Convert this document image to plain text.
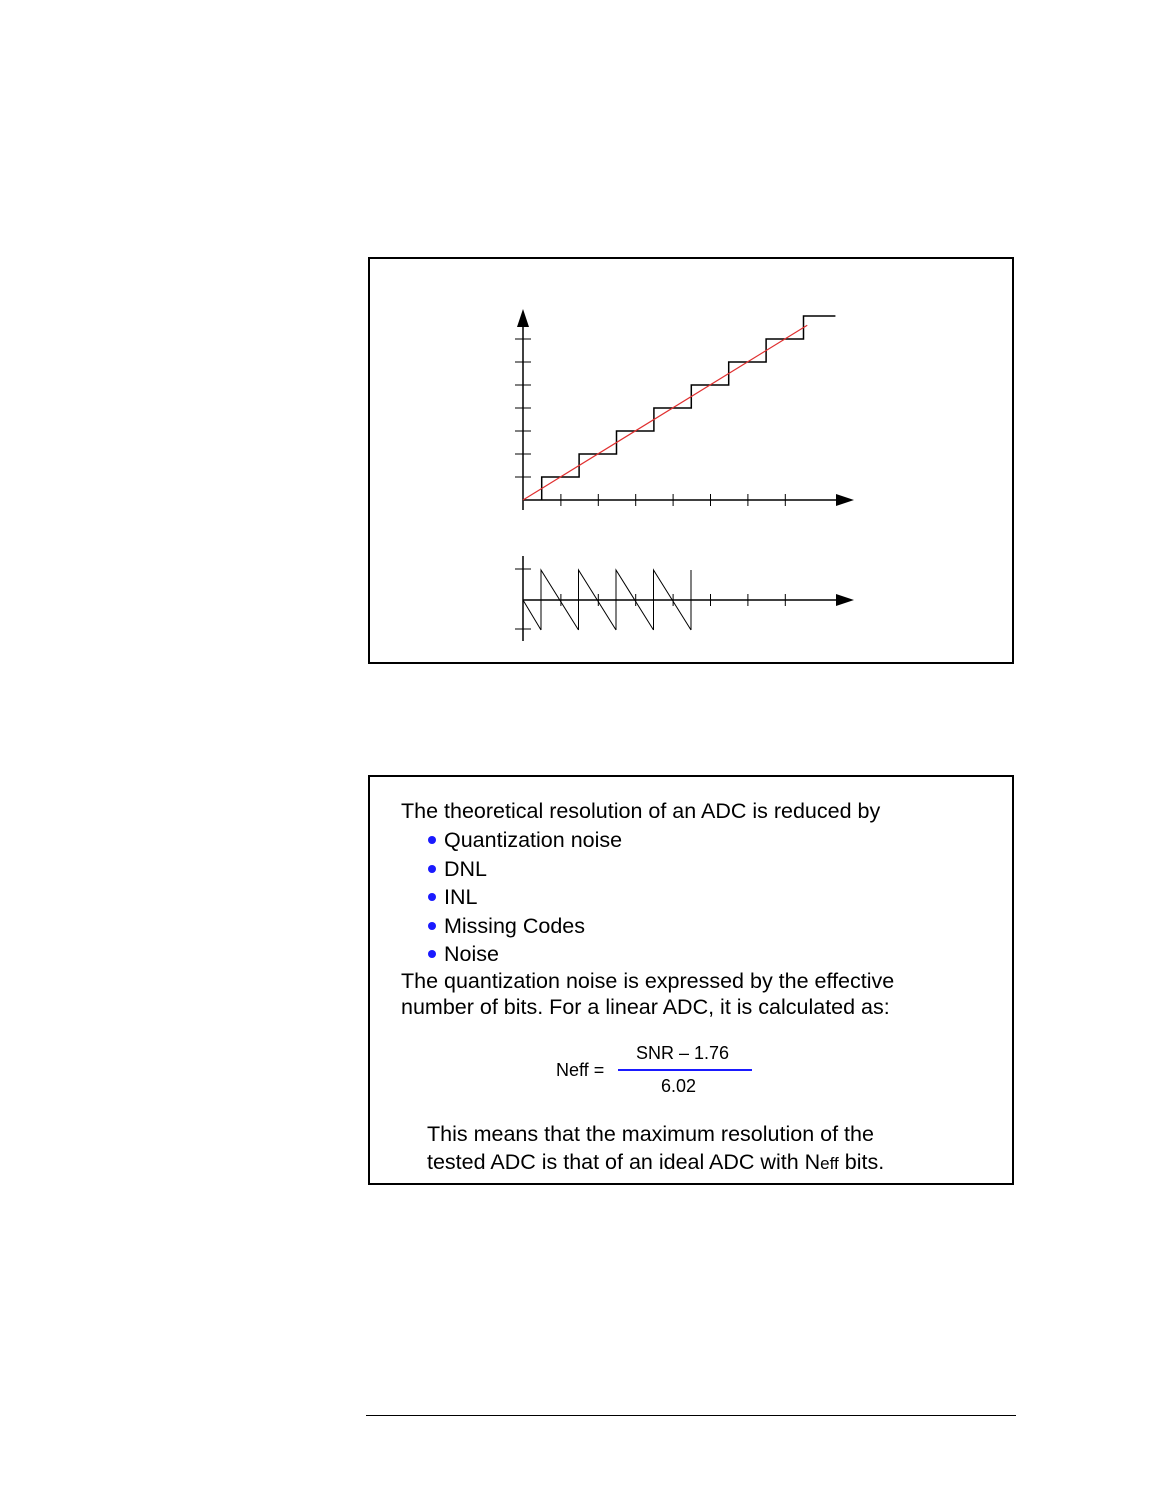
The theoretical resolution of an ADC is reduced by
Quantization noise
DNL
INL
Missing Codes
Noise
The quantization noise is expressed by the effective
number of bits. For a linear ADC, it is calculated as:
Neff =
SNR – 1.76
6.02
This means that the maximum resolution of the
tested ADC is that of an ideal ADC with Neff bits.
